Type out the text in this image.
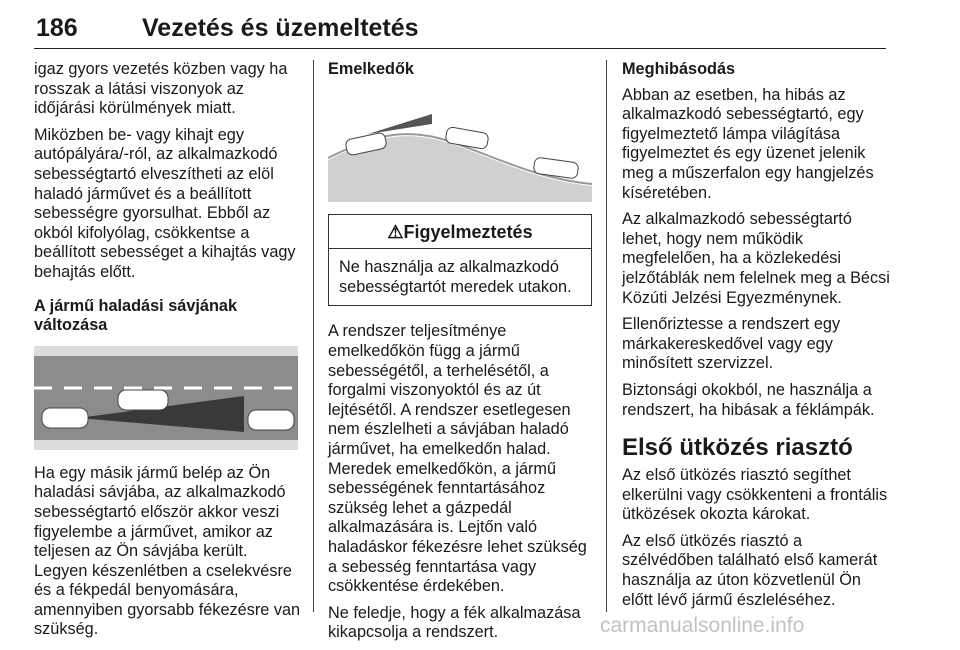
186	Vezetés és üzemeltetés

igaz gyors vezetés közben vagy ha rosszak a látási viszonyok az időjárási körülmények miatt.

Miközben be- vagy kihajt egy autópályára/-ról, az alkalmazkodó sebességtartó elveszítheti az elöl haladó járművet és a beállított sebességre gyorsulhat. Ebből az okból kifolyólag, csökkentse a beállított sebességet a kihajtás vagy behajtás előtt.

A jármű haladási sávjának változása

Ha egy másik jármű belép az Ön haladási sávjába, az alkalmazkodó sebességtartó először akkor veszi figyelembe a járművet, amikor az teljesen az Ön sávjába került. Legyen készenlétben a cselekvésre és a fékpedál benyomására, amennyiben gyorsabb fékezésre van szükség.

Emelkedők

⚠Figyelmeztetés
Ne használja az alkalmazkodó sebességtartót meredek utakon.

A rendszer teljesítménye emelkedőkön függ a jármű sebességétől, a terhelésétől, a forgalmi viszonyoktól és az út lejtésétől. A rendszer esetlegesen nem észlelheti a sávjában haladó járművet, ha emelkedőn halad. Meredek emelkedőkön, a jármű sebességének fenntartásához szükség lehet a gázpedál alkalmazására is. Lejtőn való haladáskor fékezésre lehet szükség a sebesség fenntartása vagy csökkentése érdekében.

Ne feledje, hogy a fék alkalmazása kikapcsolja a rendszert.

Meghibásodás

Abban az esetben, ha hibás az alkalmazkodó sebességtartó, egy figyelmeztető lámpa világítása figyelmeztet és egy üzenet jelenik meg a műszerfalon egy hangjelzés kíséretében.

Az alkalmazkodó sebességtartó lehet, hogy nem működik megfelelően, ha a közlekedési jelzőtáblák nem felelnek meg a Bécsi Közúti Jelzési Egyezménynek.

Ellenőriztesse a rendszert egy márkakereskedővel vagy egy minősített szervizzel.

Biztonsági okokból, ne használja a rendszert, ha hibásak a féklámpák.

Első ütközés riasztó

Az első ütközés riasztó segíthet elkerülni vagy csökkenteni a frontális ütközések okozta károkat.

Az első ütközés riasztó a szélvédőben található első kamerát használja az úton közvetlenül Ön előtt lévő jármű észleléséhez.

carmanualsonline.info
